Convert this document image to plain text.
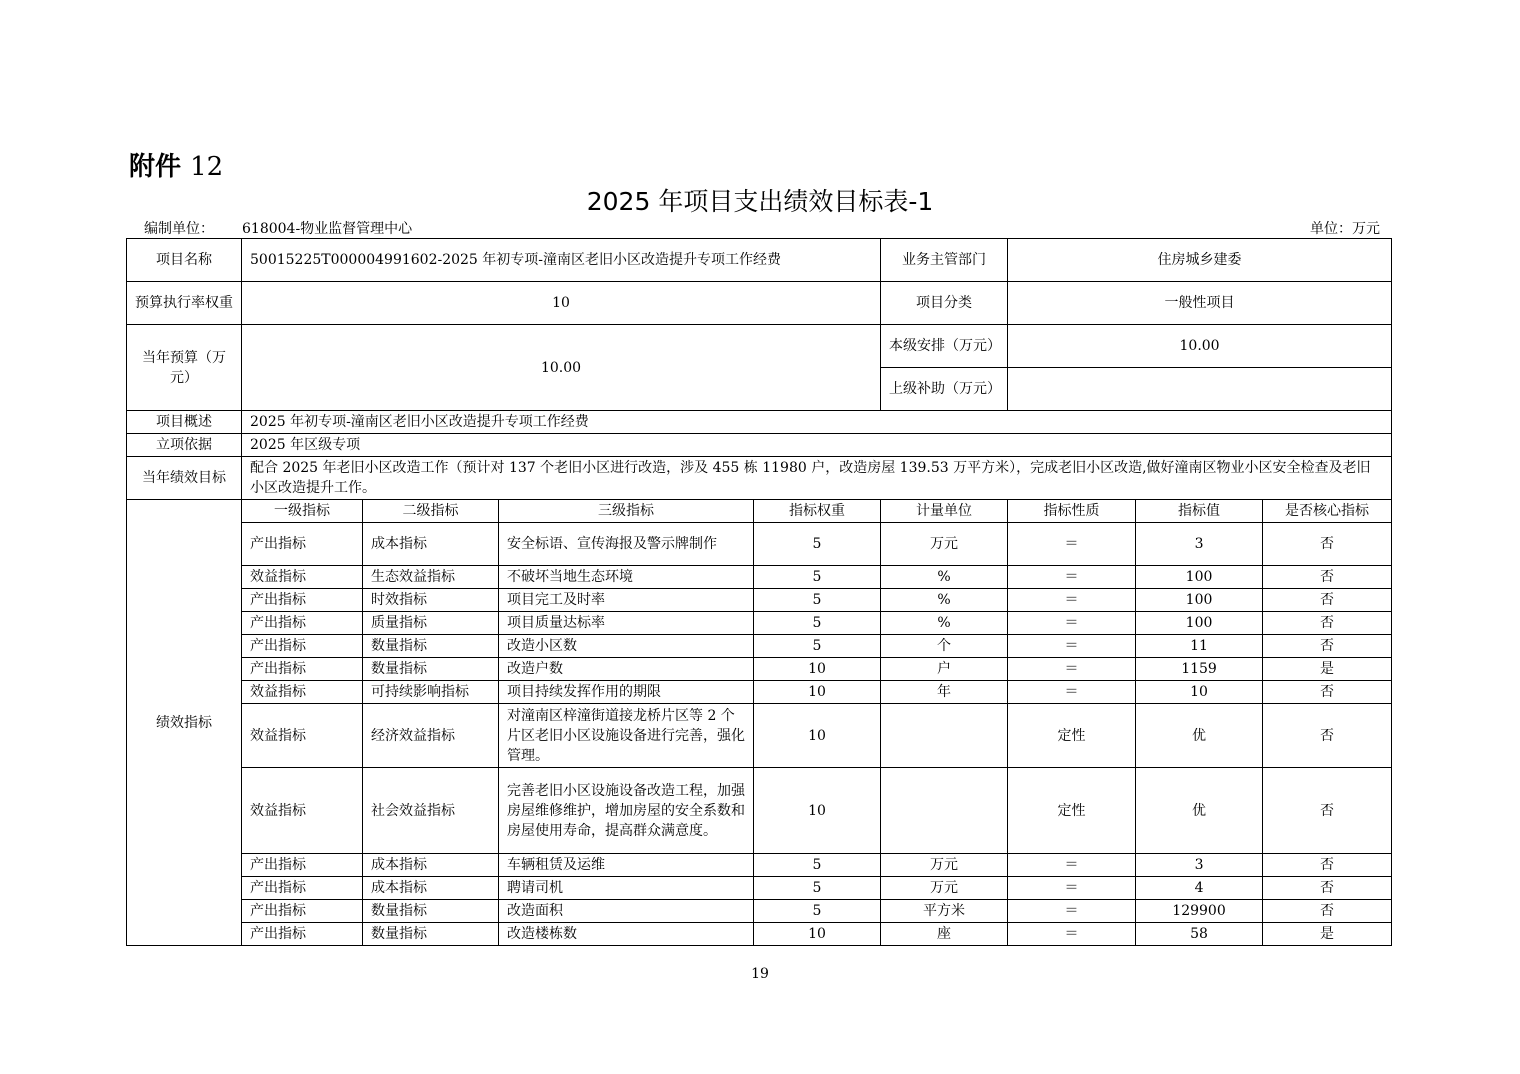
附件 12
2025 年项目支出绩效目标表-1
编制单位： 618004-物业监督管理中心	单位：万元
项目名称	50015225T000004991602-2025 年初专项-潼南区老旧小区改造提升专项工作经费				业务主管部门	住房城乡建委		
预算执行率权重	10				项目分类	一般性项目		
当年预算（万元）	10.00				本级安排（万元）	10.00		
					上级补助（万元）			
项目概述	2025 年初专项-潼南区老旧小区改造提升专项工作经费							
立项依据	2025 年区级专项							
当年绩效目标	配合 2025 年老旧小区改造工作（预计对 137 个老旧小区进行改造，涉及 455 栋 11980 户，改造房屋 139.53 万平方米），完成老旧小区改造,做好潼南区物业小区安全检查及老旧小区改造提升工作。							
绩效指标	一级指标	二级指标	三级指标	指标权重	计量单位	指标性质	指标值	是否核心指标
	产出指标	成本指标	安全标语、宣传海报及警示牌制作	5	万元	＝	3	否
	效益指标	生态效益指标	不破坏当地生态环境	5	%	＝	100	否
	产出指标	时效指标	项目完工及时率	5	%	＝	100	否
	产出指标	质量指标	项目质量达标率	5	%	＝	100	否
	产出指标	数量指标	改造小区数	5	个	＝	11	否
	产出指标	数量指标	改造户数	10	户	＝	1159	是
	效益指标	可持续影响指标	项目持续发挥作用的期限	10	年	＝	10	否
	效益指标	经济效益指标	对潼南区梓潼街道接龙桥片区等 2 个片区老旧小区设施设备进行完善，强化管理。	10		定性	优	否
	效益指标	社会效益指标	完善老旧小区设施设备改造工程，加强房屋维修维护，增加房屋的安全系数和房屋使用寿命，提高群众满意度。	10		定性	优	否
	产出指标	成本指标	车辆租赁及运维	5	万元	＝	3	否
	产出指标	成本指标	聘请司机	5	万元	＝	4	否
	产出指标	数量指标	改造面积	5	平方米	＝	129900	否
	产出指标	数量指标	改造楼栋数	10	座	＝	58	是
19
